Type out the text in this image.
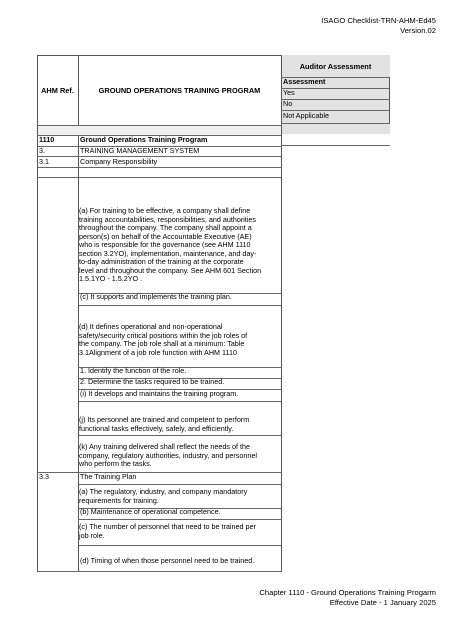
ISAGO Checklist-TRN-AHM-Ed45
Version.02
Auditor Assessment
AHM Ref.	GROUND OPERATIONS TRAINING PROGRAM
Assessment
Yes
No
Not Applicable
1110	Ground Operations Training Program
3.	TRAINING MANAGEMENT SYSTEM
3.1	Company Responsibility
(a) For training to be effective, a company shall define
training accountabilities, responsibilities, and authorities
throughout the company. The company shall appoint a
person(s) on behalf of the Accountable Executive (AE)
who is responsible for the governance (see AHM 1110
section 3.2YO), implementation, maintenance, and day-
to-day administration of the training at the corporate
level and throughout the company. See AHM 601 Section
1.5.1YO - 1.5.2YO .
(c) It supports and implements the training plan.
(d) It defines operational and non-operational
safety/security critical positions within the job roles of
the company. The job role shall at a minimum: Table
3.1Alignment of a job role function with AHM 1110
1. Identify the function of the role.
2. Determine the tasks required to be trained.
(i) It develops and maintains the training program.
(j) Its personnel are trained and competent to perform
functional tasks effectively, safely, and efficiently.
(k) Any training delivered shall reflect the needs of the
company, regulatory authorities, industry, and personnel
who perform the tasks.
3.3	The Training Plan
(a) The regulatory, industry, and company mandatory
requirements for training.
(b) Maintenance of operational competence.
(c) The number of personnel that need to be trained per
job role.
(d) Timing of when those personnel need to be trained.
Chapter 1110 - Ground Operations Training Progarm
Effective Date - 1 January 2025
